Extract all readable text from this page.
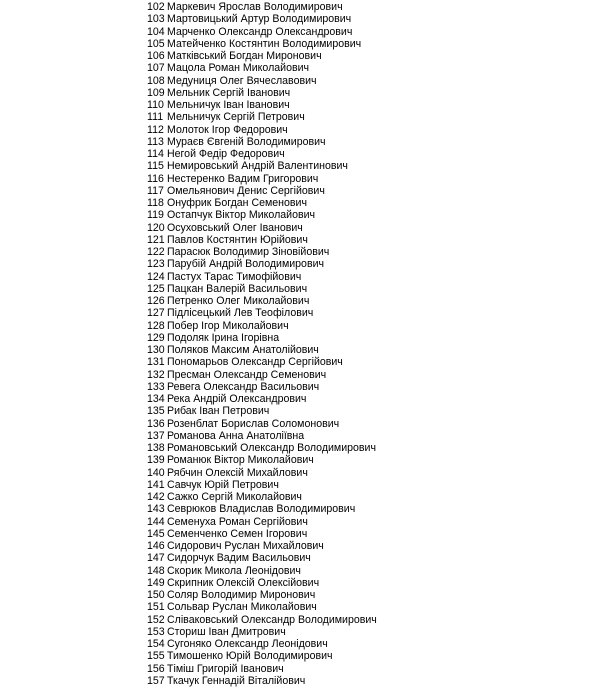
102 Маркевич Ярослав Володимирович
103 Мартовицький Артур Володимирович
104 Марченко Олександр Олександрович
105 Матейченко Костянтин Володимирович
106 Матківський Богдан Миронович
107 Мацола Роман Миколайович
108 Медуниця Олег Вячеславович
109 Мельник Сергій Іванович
110 Мельничук Іван Іванович
111 Мельничук Сергій Петрович
112 Молоток Ігор Федорович
113 Мураєв Євгеній Володимирович
114 Негой Федір Федорович
115 Немировський Андрій Валентинович
116 Нестеренко Вадим Григорович
117 Омельянович Денис Сергійович
118 Онуфрик Богдан Семенович
119 Остапчук Віктор Миколайович
120 Осуховський Олег Іванович
121 Павлов Костянтин Юрійович
122 Парасюк Володимир Зіновійович
123 Парубій Андрій Володимирович
124 Пастух Тарас Тимофійович
125 Пацкан Валерій Васильович
126 Петренко Олег Миколайович
127 Підлісецький Лев Теофілович
128 Побер Ігор Миколайович
129 Подоляк Ірина Ігорівна
130 Поляков Максим Анатолійович
131 Пономарьов Олександр Сергійович
132 Пресман Олександр Семенович
133 Ревега Олександр Васильович
134 Река Андрій Олександрович
135 Рибак Іван Петрович
136 Розенблат Борислав Соломонович
137 Романова Анна Анатоліївна
138 Романовський Олександр Володимирович
139 Романюк Віктор Миколайович
140 Рябчин Олексій Михайлович
141 Савчук Юрій Петрович
142 Сажко Сергій Миколайович
143 Севрюков Владислав Володимирович
144 Семенуха Роман Сергійович
145 Семенченко Семен Ігорович
146 Сидорович Руслан Михайлович
147 Сидорчук Вадим Васильович
148 Скорик Микола Леонідович
149 Скрипник Олексій Олексійович
150 Соляр Володимир Миронович
151 Сольвар Руслан Миколайович
152 Сліваковський Олександр Володимирович
153 Сториш Іван Дмитрович
154 Сугоняко Олександр Леонідович
155 Тимошенко Юрій Володимирович
156 Тіміш Григорій Іванович
157 Ткачук Геннадій Віталійович
